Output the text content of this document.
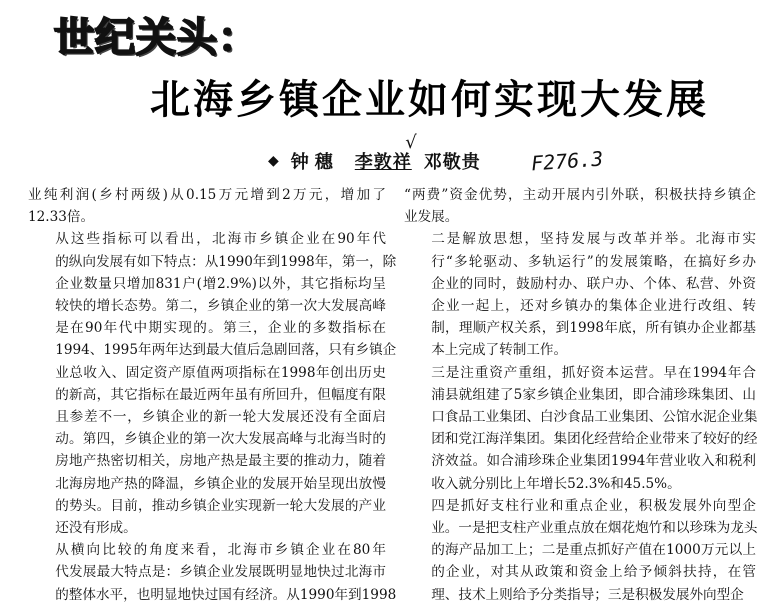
世纪关头：
北海乡镇企业如何实现大发展
◆ 钟穗 李敦祥
√
邓敬贵 F276.3

业纯利润(乡村两级)从0.15万元增到2万元，增加了
12.33倍。

从这些指标可以看出，北海市乡镇企业在90年代
的纵向发展有如下特点：从1990年到1998年，第一，除
企业数量只增加831户(增2.9%)以外，其它指标均呈
较快的增长态势。第二，乡镇企业的第一次大发展高峰
是在90年代中期实现的。第三，企业的多数指标在
1994、1995年两年达到最大值后急剧回落，只有乡镇企
业总收入、固定资产原值两项指标在1998年创出历史
的新高，其它指标在最近两年虽有所回升，但幅度有限
且参差不一，乡镇企业的新一轮大发展还没有全面启
动。第四，乡镇企业的第一次大发展高峰与北海当时的
房地产热密切相关，房地产热是最主要的推动力，随着
北海房地产热的降温，乡镇企业的发展开始呈现出放慢
的势头。目前，推动乡镇企业实现新一轮大发展的产业
还没有形成。

从横向比较的角度来看，北海市乡镇企业在80年
代发展最大特点是：乡镇企业发展既明显地快过北海市
的整体水平，也明显地快过国有经济。从1990年到1998

“两费”资金优势，主动开展内引外联，积极扶持乡镇企
业发展。

二是解放思想，坚持发展与改革并举。北海市实
行“多轮驱动、多轨运行”的发展策略，在搞好乡办
企业的同时，鼓励村办、联户办、个体、私营、外资
企业一起上，还对乡镇办的集体企业进行改组、转
制，理顺产权关系，到1998年底，所有镇办企业都基
本上完成了转制工作。

三是注重资产重组，抓好资本运营。早在1994年合
浦县就组建了5家乡镇企业集团，即合浦珍珠集团、山
口食品工业集团、白沙食品工业集团、公馆水泥企业集
团和党江海洋集团。集团化经营给企业带来了较好的经
济效益。如合浦珍珠企业集团1994年营业收入和税利
收入就分别比上年增长52.3%和45.5%。

四是抓好支柱行业和重点企业，积极发展外向型企
业。一是把支柱产业重点放在烟花炮竹和以珍珠为龙头
的海产品加工上；二是重点抓好产值在1000万元以上
的企业，对其从政策和资金上给予倾斜扶持，在管
理、技术上则给予分类指导；三是积极发展外向型企
